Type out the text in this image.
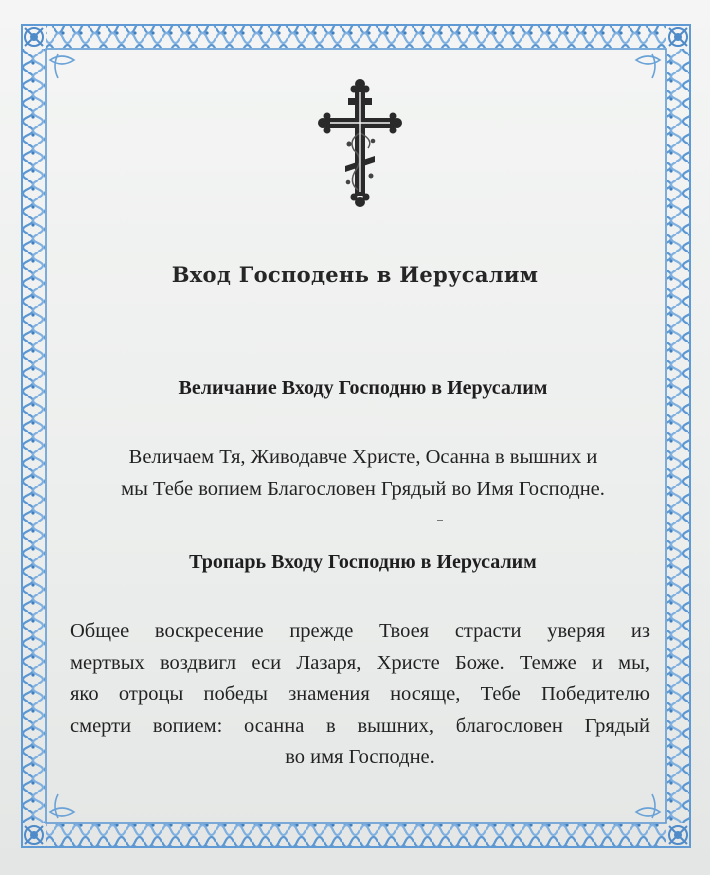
Вход Господень в Иерусалим
Величание Входу Господню в Иерусалим
Величаем Тя, Живодавче Христе, Осанна в вышних и
мы Тебе вопием Благословен Грядый во Имя Господне.
Тропарь Входу Господню в Иерусалим
Общее воскресение прежде Твоея страсти уверяя из
мертвых воздвигл еси Лазаря, Христе Боже. Темже и мы,
яко отроцы победы знамения носяще, Тебе Победителю
смерти вопием: осанна в вышних, благословен Грядый
во имя Господне.
